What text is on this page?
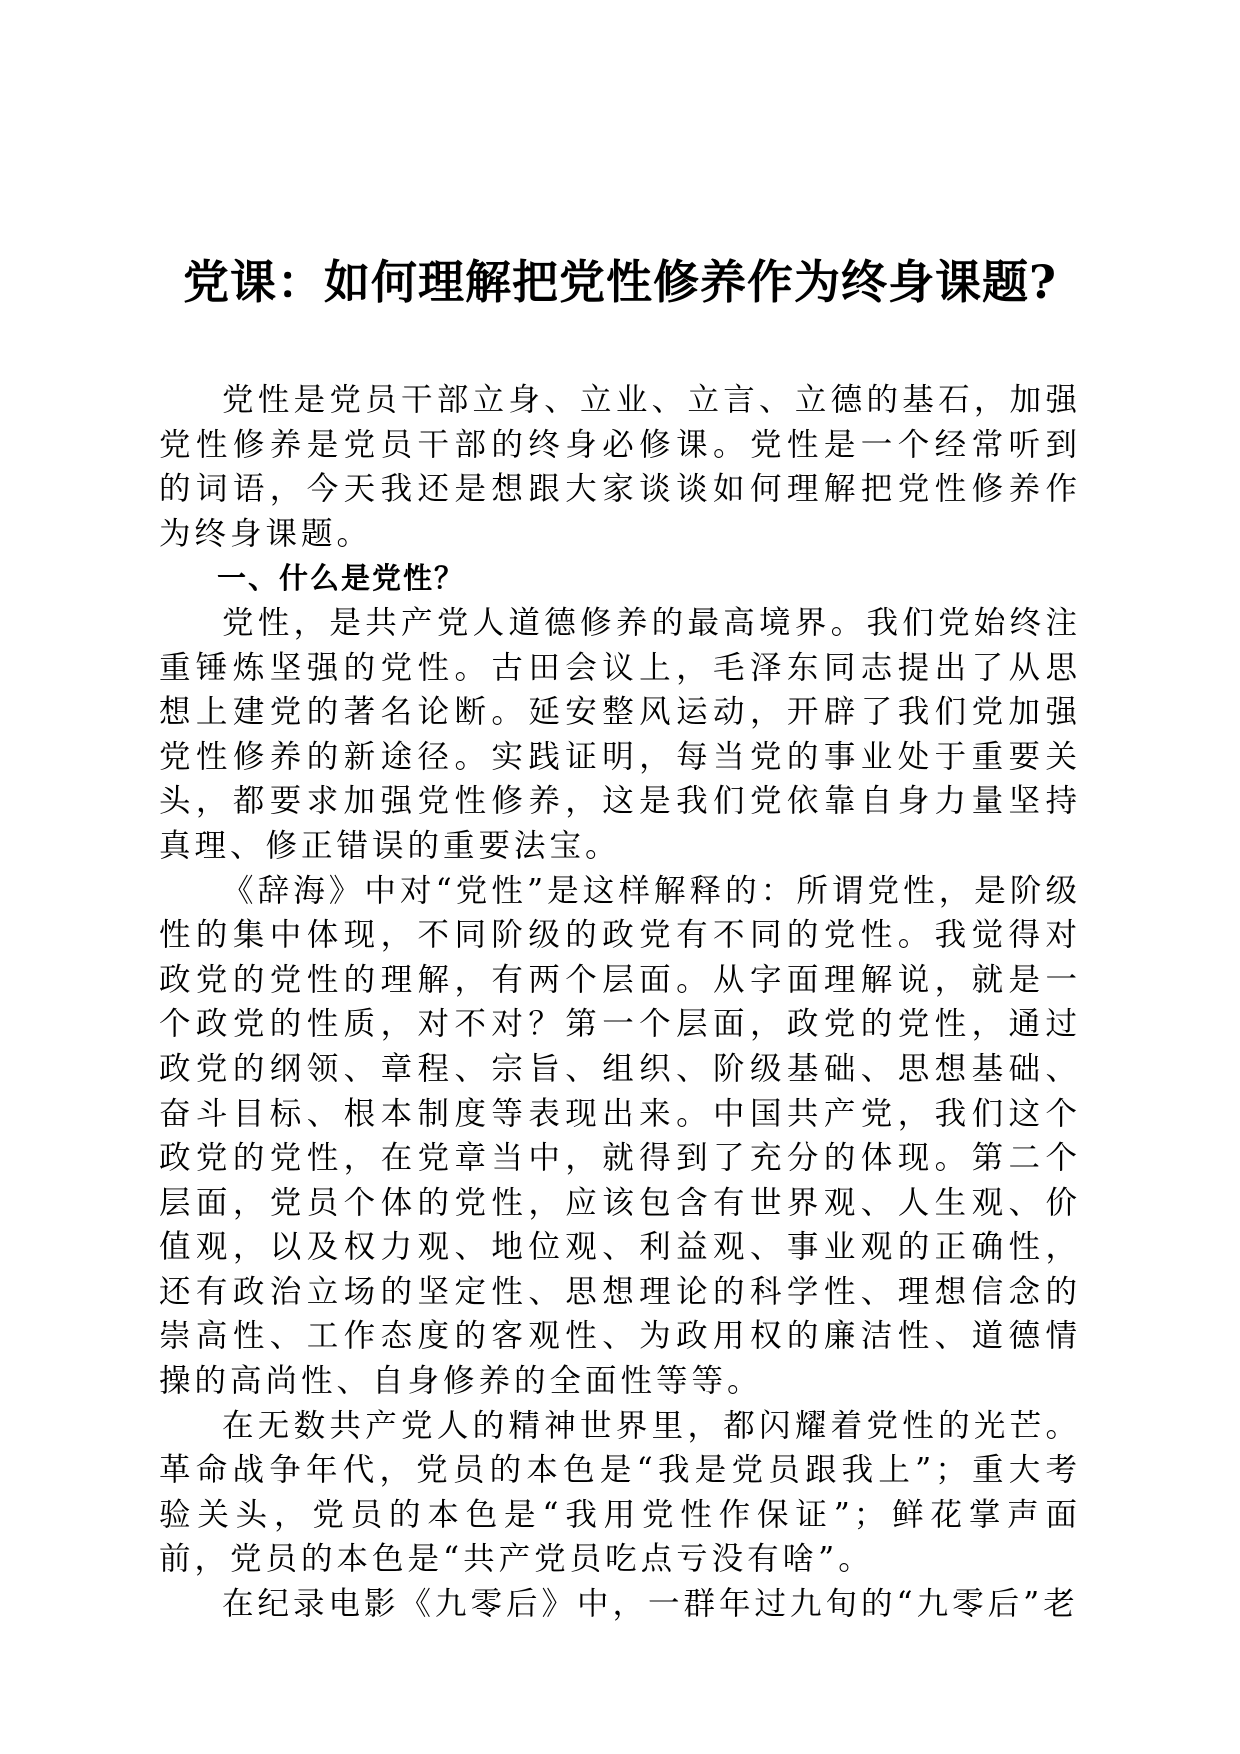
党课：如何理解把党性修养作为终身课题?

党性是党员干部立身、立业、立言、立德的基石，加强党性修养是党员干部的终身必修课。党性是一个经常听到的词语，今天我还是想跟大家谈谈如何理解把党性修养作为终身课题。

一、什么是党性？

党性，是共产党人道德修养的最高境界。我们党始终注重锤炼坚强的党性。古田会议上，毛泽东同志提出了从思想上建党的著名论断。延安整风运动，开辟了我们党加强党性修养的新途径。实践证明，每当党的事业处于重要关头，都要求加强党性修养，这是我们党依靠自身力量坚持真理、修正错误的重要法宝。

《辞海》中对“党性”是这样解释的：所谓党性，是阶级性的集中体现，不同阶级的政党有不同的党性。我觉得对政党的党性的理解，有两个层面。从字面理解说，就是一个政党的性质，对不对？第一个层面，政党的党性，通过政党的纲领、章程、宗旨、组织、阶级基础、思想基础、奋斗目标、根本制度等表现出来。中国共产党，我们这个政党的党性，在党章当中，就得到了充分的体现。第二个层面，党员个体的党性，应该包含有世界观、人生观、价值观，以及权力观、地位观、利益观、事业观的正确性，还有政治立场的坚定性、思想理论的科学性、理想信念的崇高性、工作态度的客观性、为政用权的廉洁性、道德情操的高尚性、自身修养的全面性等等。

在无数共产党人的精神世界里，都闪耀着党性的光芒。革命战争年代，党员的本色是“我是党员跟我上”；重大考验关头，党员的本色是“我用党性作保证”；鲜花掌声面前，党员的本色是“共产党员吃点亏没有啥”。

在纪录电影《九零后》中，一群年过九旬的“九零后”老
